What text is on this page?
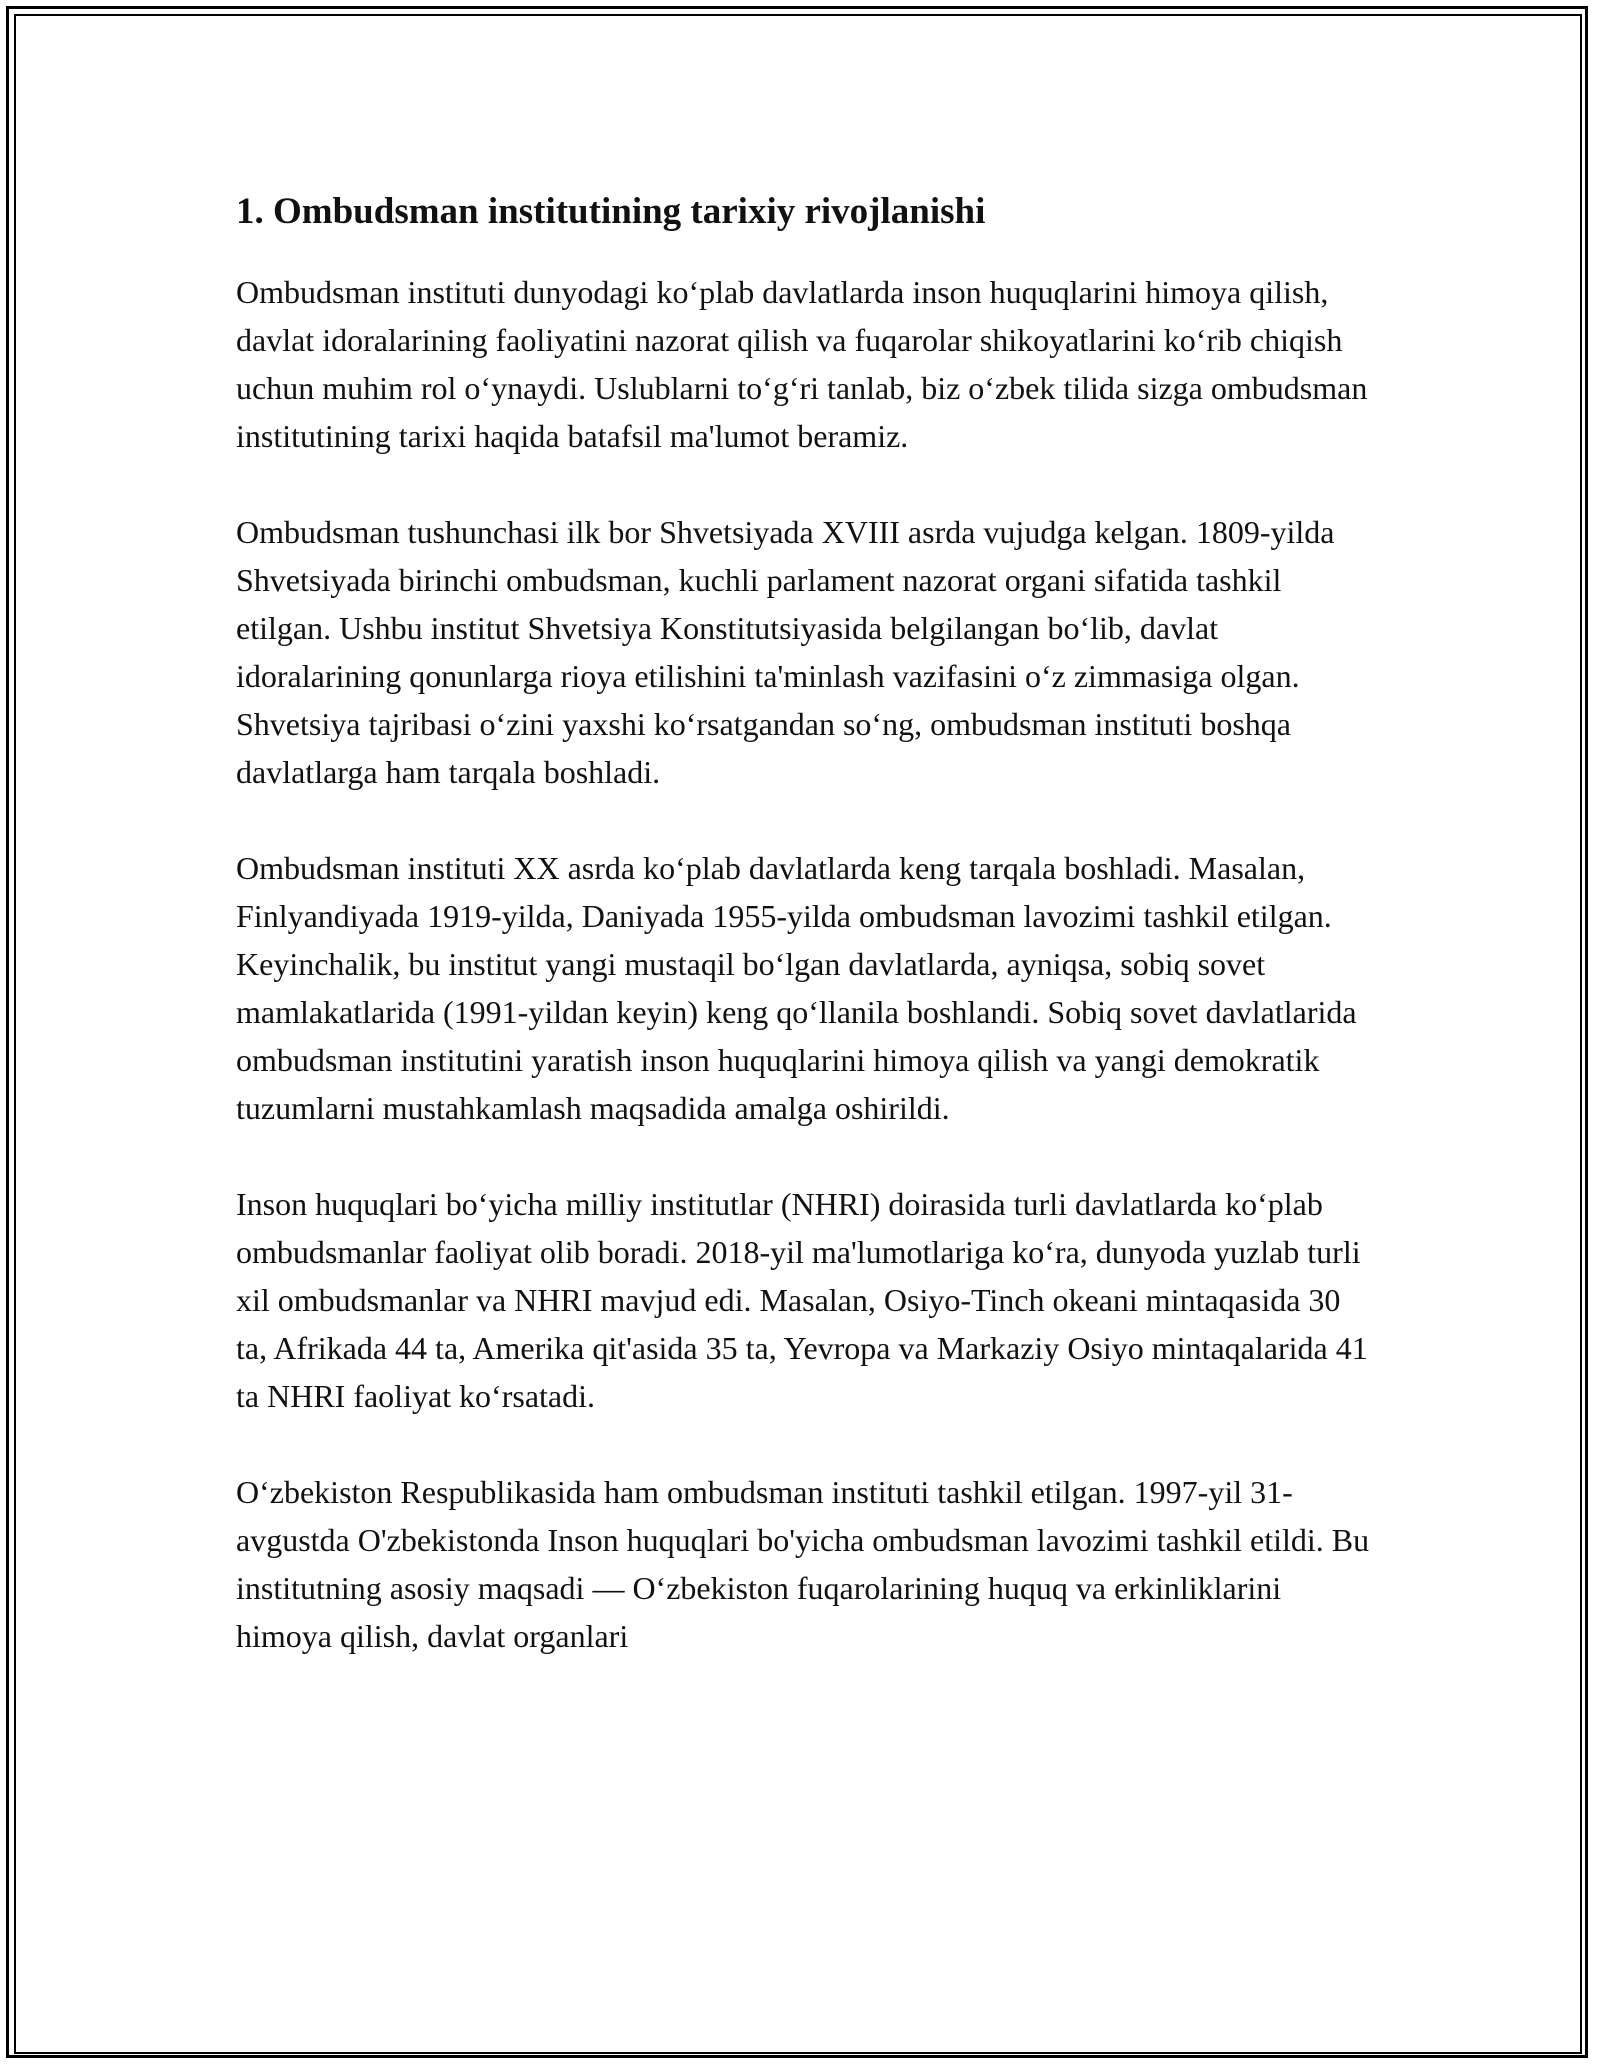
1. Ombudsman institutining tarixiy rivojlanishi

Ombudsman instituti dunyodagi koʻplab davlatlarda inson huquqlarini himoya qilish, davlat idoralarining faoliyatini nazorat qilish va fuqarolar shikoyatlarini koʻrib chiqish uchun muhim rol oʻynaydi. Uslublarni toʻgʻri tanlab, biz oʻzbek tilida sizga ombudsman institutining tarixi haqida batafsil ma'lumot beramiz.

Ombudsman tushunchasi ilk bor Shvetsiyada XVIII asrda vujudga kelgan. 1809-yilda Shvetsiyada birinchi ombudsman, kuchli parlament nazorat organi sifatida tashkil etilgan. Ushbu institut Shvetsiya Konstitutsiyasida belgilangan boʻlib, davlat idoralarining qonunlarga rioya etilishini ta'minlash vazifasini oʻz zimmasiga olgan. Shvetsiya tajribasi oʻzini yaxshi koʻrsatgandan soʻng, ombudsman instituti boshqa davlatlarga ham tarqala boshladi.

Ombudsman instituti XX asrda koʻplab davlatlarda keng tarqala boshladi. Masalan, Finlyandiyada 1919-yilda, Daniyada 1955-yilda ombudsman lavozimi tashkil etilgan. Keyinchalik, bu institut yangi mustaqil boʻlgan davlatlarda, ayniqsa, sobiq sovet mamlakatlarida (1991-yildan keyin) keng qoʻllanila boshlandi. Sobiq sovet davlatlarida ombudsman institutini yaratish inson huquqlarini himoya qilish va yangi demokratik tuzumlarni mustahkamlash maqsadida amalga oshirildi.

Inson huquqlari boʻyicha milliy institutlar (NHRI) doirasida turli davlatlarda koʻplab ombudsmanlar faoliyat olib boradi. 2018-yil ma'lumotlariga koʻra, dunyoda yuzlab turli xil ombudsmanlar va NHRI mavjud edi. Masalan, Osiyo-Tinch okeani mintaqasida 30 ta, Afrikada 44 ta, Amerika qit'asida 35 ta, Yevropa va Markaziy Osiyo mintaqalarida 41 ta NHRI faoliyat koʻrsatadi.

Oʻzbekiston Respublikasida ham ombudsman instituti tashkil etilgan. 1997-yil 31-avgustda O'zbekistonda Inson huquqlari bo'yicha ombudsman lavozimi tashkil etildi. Bu institutning asosiy maqsadi — Oʻzbekiston fuqarolarining huquq va erkinliklarini himoya qilish, davlat organlari
